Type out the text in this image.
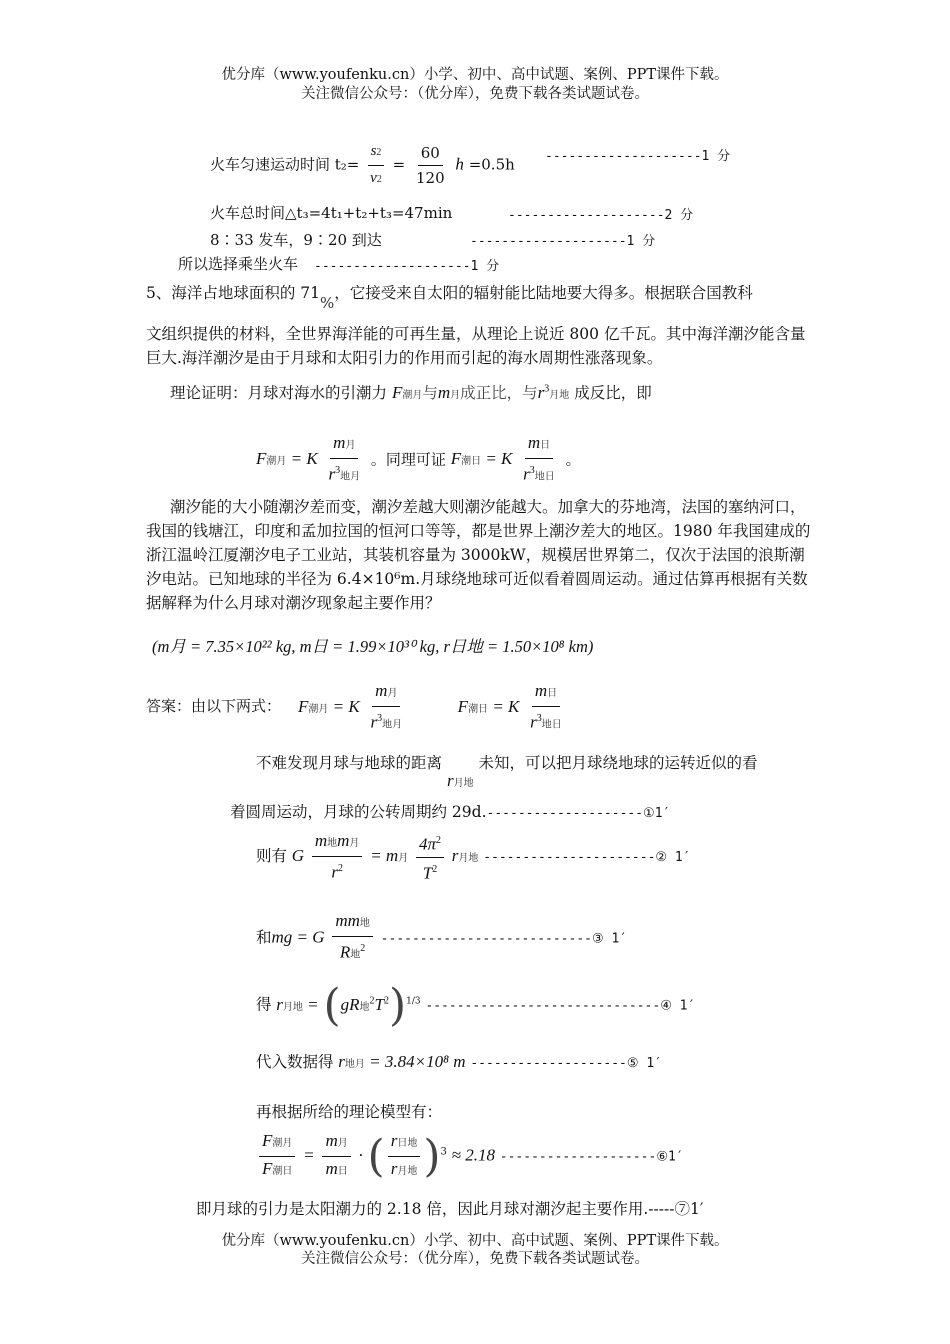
优分库（www.youfenku.cn）小学、初中、高中试题、案例、PPT课件下载。
关注微信公众号：（优分库），免费下载各类试题试卷。
火车匀速运动时间 $t_2= \frac{s2}{v2} = \frac{60}{120}$ h =0.5h --------------------1 分
火车总时间△t₃=4t₁+t₂+t₃=47min	--------------------2 分
8∶33 发车，9∶20 到达	--------------------1 分
所以选择乘坐火车 --------------------1 分
5、海洋占地球面积的 71%，它接受来自太阳的辐射能比陆地要大得多。根据联合国教科
文组织提供的材料，全世界海洋能的可再生量，从理论上说近 800 亿千瓦。其中海洋潮汐能含量巨大.海洋潮汐是由于月球和太阳引力的作用而引起的海水周期性涨落现象。
理论证明：月球对海水的引潮力 F潮月与m月成正比，与$r^3$月地 成反比，即
F潮月 = K $\frac{\text{m月}}{r^3地月}$ 。同理可证 F潮日 = K $\frac{\text{m日}}{r^3地日}$ 。
潮汐能的大小随潮汐差而变，潮汐差越大则潮汐能越大。加拿大的芬地湾，法国的塞纳河口，我国的钱塘江，印度和孟加拉国的恒河口等等，都是世界上潮汐差大的地区。1980 年我国建成的浙江温岭江厦潮汐电子工业站，其装机容量为 3000kW，规模居世界第二，仅次于法国的浪斯潮汐电站。已知地球的半径为 6.4×10⁶m.月球绕地球可近似看着圆周运动。通过估算再根据有关数据解释为什么月球对潮汐现象起主要作用？
(m月 = 7.35×10²² kg, m日 = 1.99×10³⁰ kg, r日地 = 1.50×10⁸ km)
答案：由以下两式： F潮月 = K $\frac{\text{m月}}{r^3地月}$	F潮日 = K $\frac{\text{m日}}{r^3地日}$
不难发现月球与地球的距离 r月地 未知，可以把月球绕地球的运转近似的看
着圆周运动，月球的公转周期约 29d.--------------------①1′
则有 G $\frac{\text{m地m月}}{r^2} = m$月 $\frac{4\pi^2}{T^2}$ r月地 ----------------------② 1′
和mg = G $\frac{\text{mm地}}{R地^2}$ ---------------------------③ 1′
得 r月地 = (gR地$^2T^2)^{1/3}$ ------------------------------④ 1′
代入数据得 r地月 = 3.84×10⁸ m --------------------⑤ 1′
再根据所给的理论模型有：
$\frac{\text{F潮月}}{\text{F潮日}} = \frac{\text{m月}}{\text{m日}}$ · ( $\frac{\text{r日地}}{\text{r月地}} )^3 \approx 2.18$ --------------------⑥1′
即月球的引力是太阳潮力的 2.18 倍，因此月球对潮汐起主要作用.-----⑦1′
优分库（www.youfenku.cn）小学、初中、高中试题、案例、PPT课件下载。
关注微信公众号：（优分库），免费下载各类试题试卷。
